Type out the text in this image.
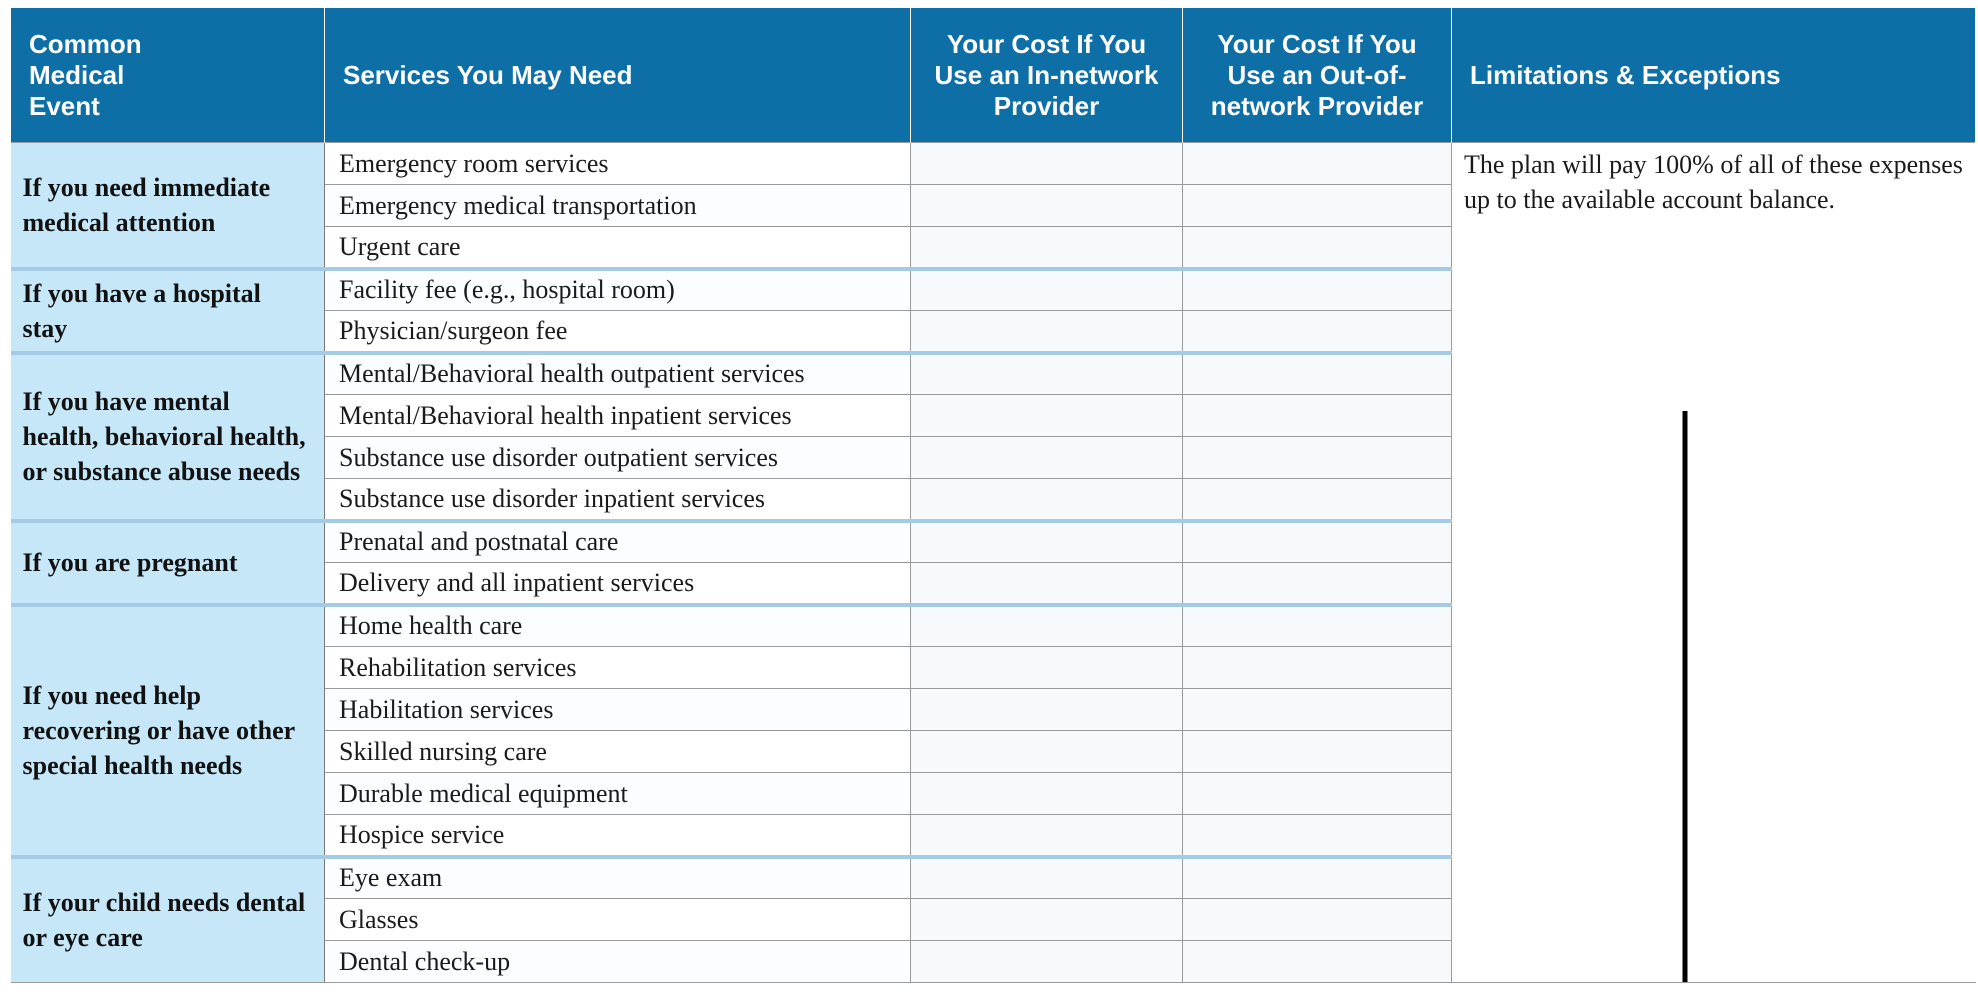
Common
Medical Event	Services You May Need	Your Cost If You Use an In-network Provider	Your Cost If You Use an Out-of-network Provider	Limitations & Exceptions
If you need immediate medical attention	Emergency room services			The plan will pay 100% of all of these expenses up to the available account balance.

	Emergency medical transportation			
	Urgent care			
If you have a hospital stay	Facility fee (e.g., hospital room)			
	Physician/surgeon fee			
If you have mental health, behavioral health, or substance abuse needs	Mental/Behavioral health outpatient services			
	Mental/Behavioral health inpatient services			
	Substance use disorder outpatient services			
	Substance use disorder inpatient services			
If you are pregnant	Prenatal and postnatal care			
	Delivery and all inpatient services			
If you need help recovering or have other special health needs	Home health care			
	Rehabilitation services			
	Habilitation services			
	Skilled nursing care			
	Durable medical equipment			
	Hospice service			
If your child needs dental or eye care	Eye exam			
	Glasses			
	Dental check-up			
